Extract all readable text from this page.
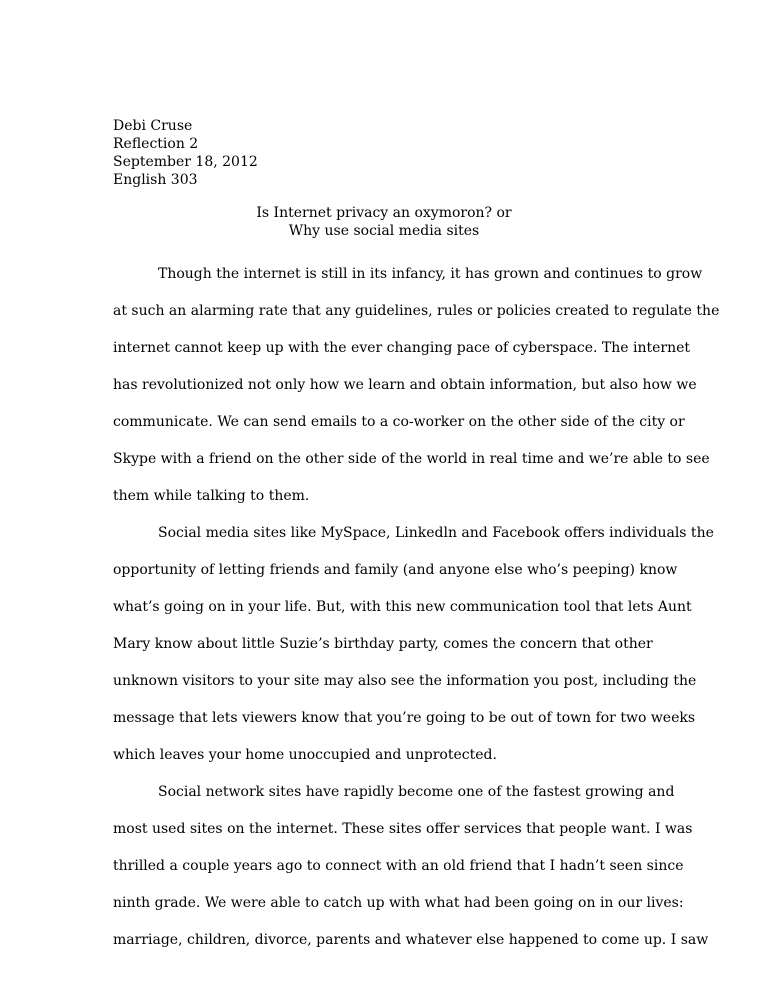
Debi Cruse
Reflection 2
September 18, 2012
English 303
Is Internet privacy an oxymoron? or
Why use social media sites
Though the internet is still in its infancy, it has grown and continues to grow
at such an alarming rate that any guidelines, rules or policies created to regulate the
internet cannot keep up with the ever changing pace of cyberspace. The internet
has revolutionized not only how we learn and obtain information, but also how we
communicate. We can send emails to a co-worker on the other side of the city or
Skype with a friend on the other side of the world in real time and we’re able to see
them while talking to them.
Social media sites like MySpace, Linkedln and Facebook offers individuals the
opportunity of letting friends and family (and anyone else who’s peeping) know
what’s going on in your life. But, with this new communication tool that lets Aunt
Mary know about little Suzie’s birthday party, comes the concern that other
unknown visitors to your site may also see the information you post, including the
message that lets viewers know that you’re going to be out of town for two weeks
which leaves your home unoccupied and unprotected.
Social network sites have rapidly become one of the fastest growing and
most used sites on the internet. These sites offer services that people want. I was
thrilled a couple years ago to connect with an old friend that I hadn’t seen since
ninth grade. We were able to catch up with what had been going on in our lives:
marriage, children, divorce, parents and whatever else happened to come up. I saw
